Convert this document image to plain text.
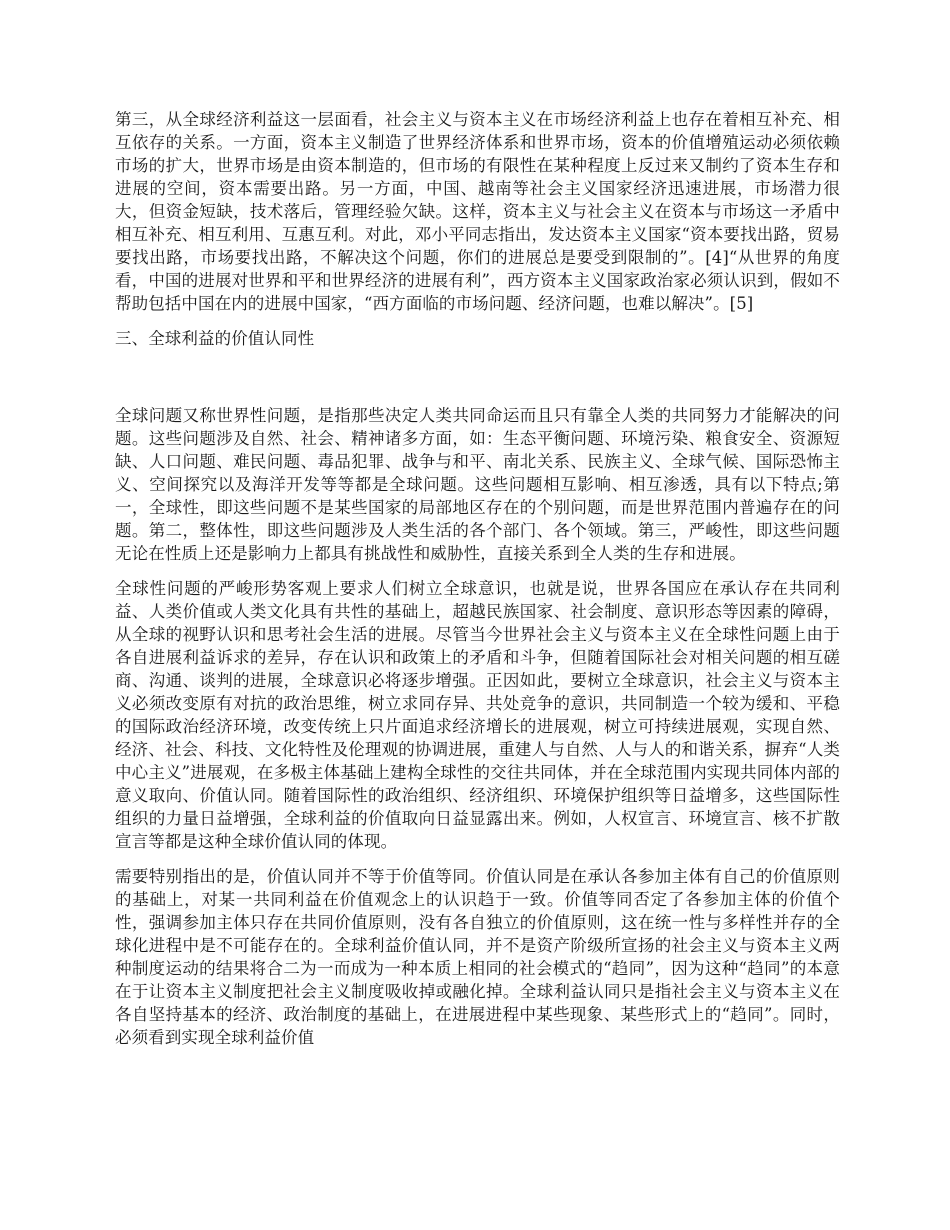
第三，从全球经济利益这一层面看，社会主义与资本主义在市场经济利益上也存在着相互补充、相互依存的关系。一方面，资本主义制造了世界经济体系和世界市场，资本的价值增殖运动必须依赖市场的扩大，世界市场是由资本制造的，但市场的有限性在某种程度上反过来又制约了资本生存和进展的空间，资本需要出路。另一方面，中国、越南等社会主义国家经济迅速进展，市场潜力很大，但资金短缺，技术落后，管理经验欠缺。这样，资本主义与社会主义在资本与市场这一矛盾中相互补充、相互利用、互惠互利。对此，邓小平同志指出，发达资本主义国家“资本要找出路，贸易要找出路，市场要找出路，不解决这个问题，你们的进展总是要受到限制的”。[4]“从世界的角度看，中国的进展对世界和平和世界经济的进展有利”，西方资本主义国家政治家必须认识到，假如不帮助包括中国在内的进展中国家，“西方面临的市场问题、经济问题，也难以解决”。[5]

三、全球利益的价值认同性

全球问题又称世界性问题，是指那些决定人类共同命运而且只有靠全人类的共同努力才能解决的问题。这些问题涉及自然、社会、精神诸多方面，如：生态平衡问题、环境污染、粮食安全、资源短缺、人口问题、难民问题、毒品犯罪、战争与和平、南北关系、民族主义、全球气候、国际恐怖主义、空间探究以及海洋开发等等都是全球问题。这些问题相互影响、相互渗透，具有以下特点;第一，全球性，即这些问题不是某些国家的局部地区存在的个别问题，而是世界范围内普遍存在的问题。第二，整体性，即这些问题涉及人类生活的各个部门、各个领域。第三，严峻性，即这些问题无论在性质上还是影响力上都具有挑战性和威胁性，直接关系到全人类的生存和进展。

全球性问题的严峻形势客观上要求人们树立全球意识，也就是说，世界各国应在承认存在共同利益、人类价值或人类文化具有共性的基础上，超越民族国家、社会制度、意识形态等因素的障碍，从全球的视野认识和思考社会生活的进展。尽管当今世界社会主义与资本主义在全球性问题上由于各自进展利益诉求的差异，存在认识和政策上的矛盾和斗争，但随着国际社会对相关问题的相互磋商、沟通、谈判的进展，全球意识必将逐步增强。正因如此，要树立全球意识，社会主义与资本主义必须改变原有对抗的政治思维，树立求同存异、共处竞争的意识，共同制造一个较为缓和、平稳的国际政治经济环境，改变传统上只片面追求经济增长的进展观，树立可持续进展观，实现自然、经济、社会、科技、文化特性及伦理观的协调进展，重建人与自然、人与人的和谐关系，摒弃“人类中心主义”进展观，在多极主体基础上建构全球性的交往共同体，并在全球范围内实现共同体内部的意义取向、价值认同。随着国际性的政治组织、经济组织、环境保护组织等日益增多，这些国际性组织的力量日益增强，全球利益的价值取向日益显露出来。例如，人权宣言、环境宣言、核不扩散宣言等都是这种全球价值认同的体现。

需要特别指出的是，价值认同并不等于价值等同。价值认同是在承认各参加主体有自己的价值原则的基础上，对某一共同利益在价值观念上的认识趋于一致。价值等同否定了各参加主体的价值个性，强调参加主体只存在共同价值原则，没有各自独立的价值原则，这在统一性与多样性并存的全球化进程中是不可能存在的。全球利益价值认同，并不是资产阶级所宣扬的社会主义与资本主义两种制度运动的结果将合二为一而成为一种本质上相同的社会模式的“趋同”，因为这种“趋同”的本意在于让资本主义制度把社会主义制度吸收掉或融化掉。全球利益认同只是指社会主义与资本主义在各自坚持基本的经济、政治制度的基础上，在进展进程中某些现象、某些形式上的“趋同”。同时，必须看到实现全球利益价值
